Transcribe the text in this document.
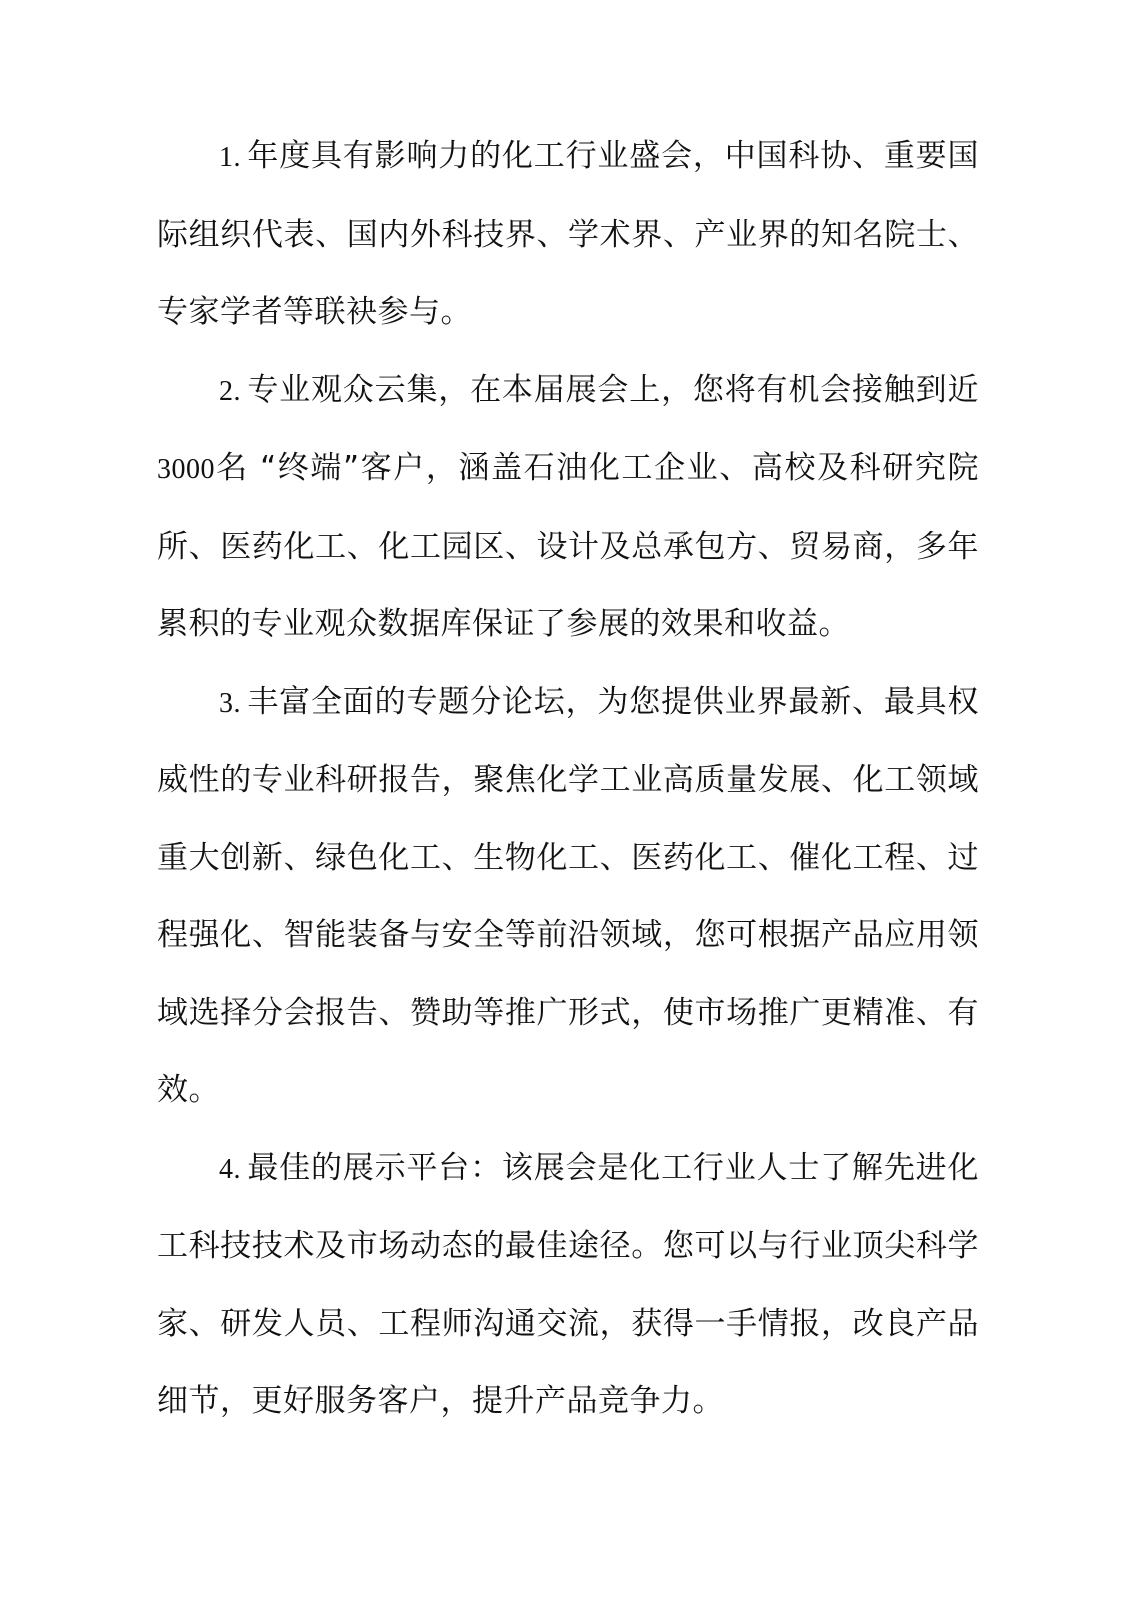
1. 年度具有影响力的化工行业盛会，中国科协、重要国际组织代表、国内外科技界、学术界、产业界的知名院士、专家学者等联袂参与。

2. 专业观众云集，在本届展会上，您将有机会接触到近3000名 “终端”客户，涵盖石油化工企业、高校及科研究院所、医药化工、化工园区、设计及总承包方、贸易商，多年累积的专业观众数据库保证了参展的效果和收益。

3. 丰富全面的专题分论坛，为您提供业界最新、最具权威性的专业科研报告，聚焦化学工业高质量发展、化工领域重大创新、绿色化工、生物化工、医药化工、催化工程、过程强化、智能装备与安全等前沿领域，您可根据产品应用领域选择分会报告、赞助等推广形式，使市场推广更精准、有效。

4. 最佳的展示平台：该展会是化工行业人士了解先进化工科技技术及市场动态的最佳途径。您可以与行业顶尖科学家、研发人员、工程师沟通交流，获得一手情报，改良产品细节，更好服务客户，提升产品竞争力。
